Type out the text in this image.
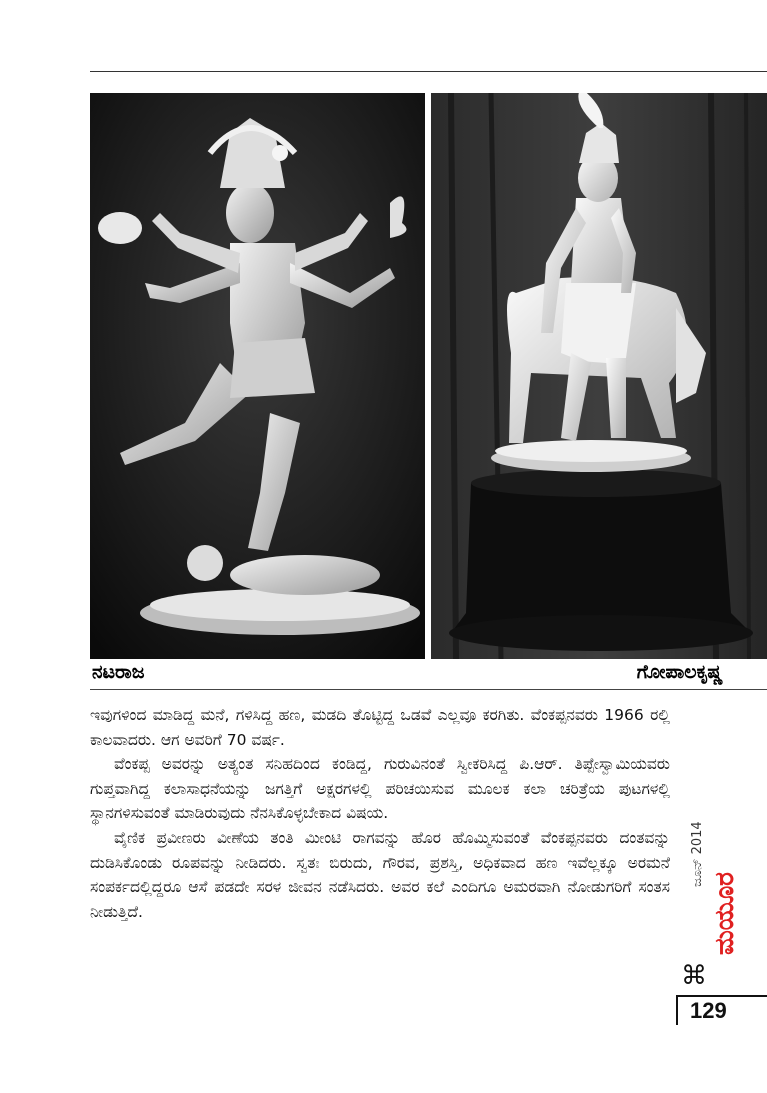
ನಟರಾಜ	ಗೋಪಾಲಕೃಷ್ಣ

ಇವುಗಳಿಂದ ಮಾಡಿದ್ದ ಮನೆ, ಗಳಿಸಿದ್ದ ಹಣ, ಮಡದಿ ತೊಟ್ಟಿದ್ದ ಒಡವೆ ಎಲ್ಲವೂ ಕರಗಿತು. ವೆಂಕಪ್ಪನವರು 1966 ರಲ್ಲಿ ಕಾಲವಾದರು. ಆಗ ಅವರಿಗೆ 70 ವರ್ಷ.

ವೆಂಕಪ್ಪ ಅವರನ್ನು ಅತ್ಯಂತ ಸನಿಹದಿಂದ ಕಂಡಿದ್ದ, ಗುರುವಿನಂತೆ ಸ್ವೀಕರಿಸಿದ್ದ ಪಿ.ಆರ್. ತಿಪ್ಪೇಸ್ವಾಮಿಯವರು ಗುಪ್ತವಾಗಿದ್ದ ಕಲಾಸಾಧನೆಯನ್ನು ಜಗತ್ತಿಗೆ ಅಕ್ಷರಗಳಲ್ಲಿ ಪರಿಚಯಿಸುವ ಮೂಲಕ ಕಲಾ ಚರಿತ್ರೆಯ ಪುಟಗಳಲ್ಲಿ ಸ್ಥಾನಗಳಿಸುವಂತೆ ಮಾಡಿರುವುದು ನೆನಸಿಕೊಳ್ಳಬೇಕಾದ ವಿಷಯ.

ವೈಣಿಕ ಪ್ರವೀಣರು ವೀಣೆಯ ತಂತಿ ಮೀಂಟಿ ರಾಗವನ್ನು ಹೊರ ಹೊಮ್ಮಿಸುವಂತೆ ವೆಂಕಪ್ಪನವರು ದಂತವನ್ನು ದುಡಿಸಿಕೊಂಡು ರೂಪವನ್ನು ನೀಡಿದರು. ಸ್ವತಃ ಬಿರುದು, ಗೌರವ, ಪ್ರಶಸ್ತಿ, ಅಧಿಕವಾದ ಹಣ ಇವೆಲ್ಲಕ್ಕೂ ಅರಮನೆ ಸಂಪರ್ಕದಲ್ಲಿದ್ದರೂ ಆಸೆ ಪಡದೇ ಸರಳ ಜೀವನ ನಡೆಸಿದರು. ಅವರ ಕಲೆ ಎಂದಿಗೂ ಅಮರವಾಗಿ ನೋಡುಗರಿಗೆ ಸಂತಸ ನೀಡುತ್ತಿದೆ.

ಜೂನ್ 2014
ಮಯೂರ
⌘
129
